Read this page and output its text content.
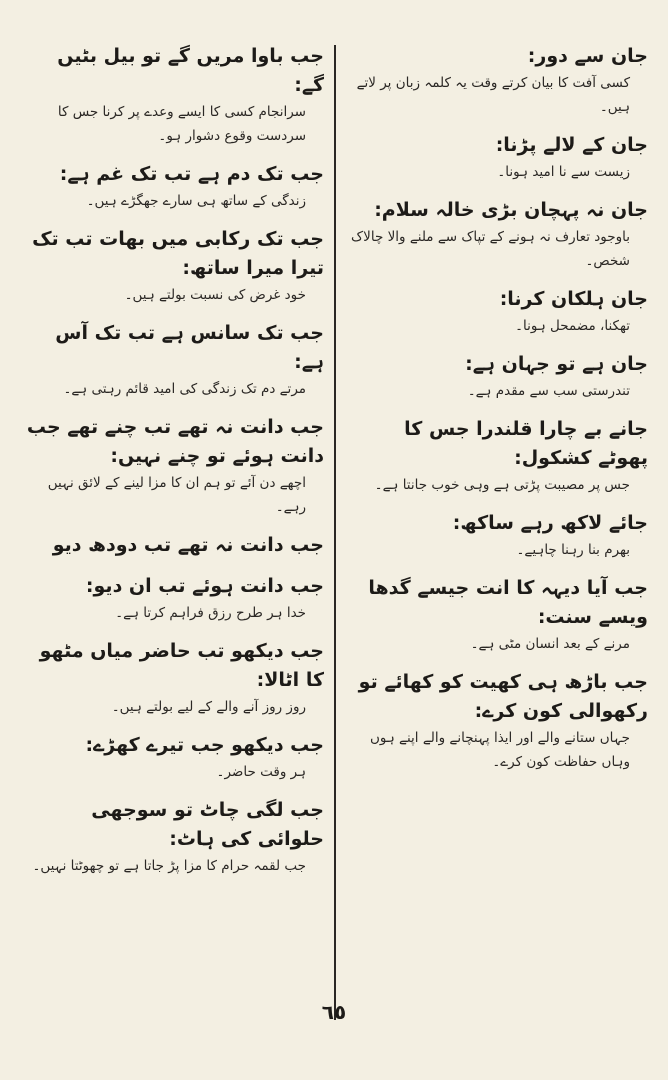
جان سے دور:

کسی آفت کا بیان کرتے وقت یہ کلمہ زبان پر لاتے ہیں۔

جان کے لالے پڑنا:

زیست سے نا امید ہونا۔

جان نہ پہچان بڑی خالہ سلام:

باوجود تعارف نہ ہونے کے تپاک سے ملنے والا چالاک شخص۔

جان ہلکان کرنا:

تھکنا، مضمحل ہونا۔

جان ہے تو جہان ہے:

تندرستی سب سے مقدم ہے۔

جانے بے چارا قلندرا جس کا پھوٹے کشکول:

جس پر مصیبت پڑتی ہے وہی خوب جانتا ہے۔

جائے لاکھ رہے ساکھ:

بھرم بنا رہنا چاہیے۔

جب آیا دیہہ کا انت جیسے گدھا ویسے سنت:

مرنے کے بعد انسان مٹی ہے۔

جب باڑھ ہی کھیت کو کھائے تو رکھوالی کون کرے:

جہاں ستانے والے اور ایذا پہنچانے والے اپنے ہوں وہاں حفاظت کون کرے۔

جب باوا مریں گے تو بیل بٹیں گے:

سرانجام کسی کا ایسے وعدے پر کرنا جس کا سردست وقوع دشوار ہو۔

جب تک دم ہے تب تک غم ہے:

زندگی کے ساتھ ہی سارے جھگڑے ہیں۔

جب تک رکابی میں بھات تب تک تیرا میرا ساتھ:

خود غرض کی نسبت بولتے ہیں۔

جب تک سانس ہے تب تک آس ہے:

مرتے دم تک زندگی کی امید قائم رہتی ہے۔

جب دانت نہ تھے تب چنے تھے جب دانت ہوئے تو چنے نہیں:

اچھے دن آئے تو ہم ان کا مزا لینے کے لائق نہیں رہے۔

جب دانت نہ تھے تب دودھ دیو

جب دانت ہوئے تب ان دیو:

خدا ہر طرح رزق فراہم کرتا ہے۔

جب دیکھو تب حاضر میاں مٹھو کا اٹالا:

روز روز آنے والے کے لیے بولتے ہیں۔

جب دیکھو جب تیرے کھڑے:

ہر وقت حاضر۔

جب لگی چاٹ تو سوجھی حلوائی کی ہاٹ:

جب لقمہ حرام کا مزا پڑ جاتا ہے تو چھوٹتا نہیں۔

٦٥
